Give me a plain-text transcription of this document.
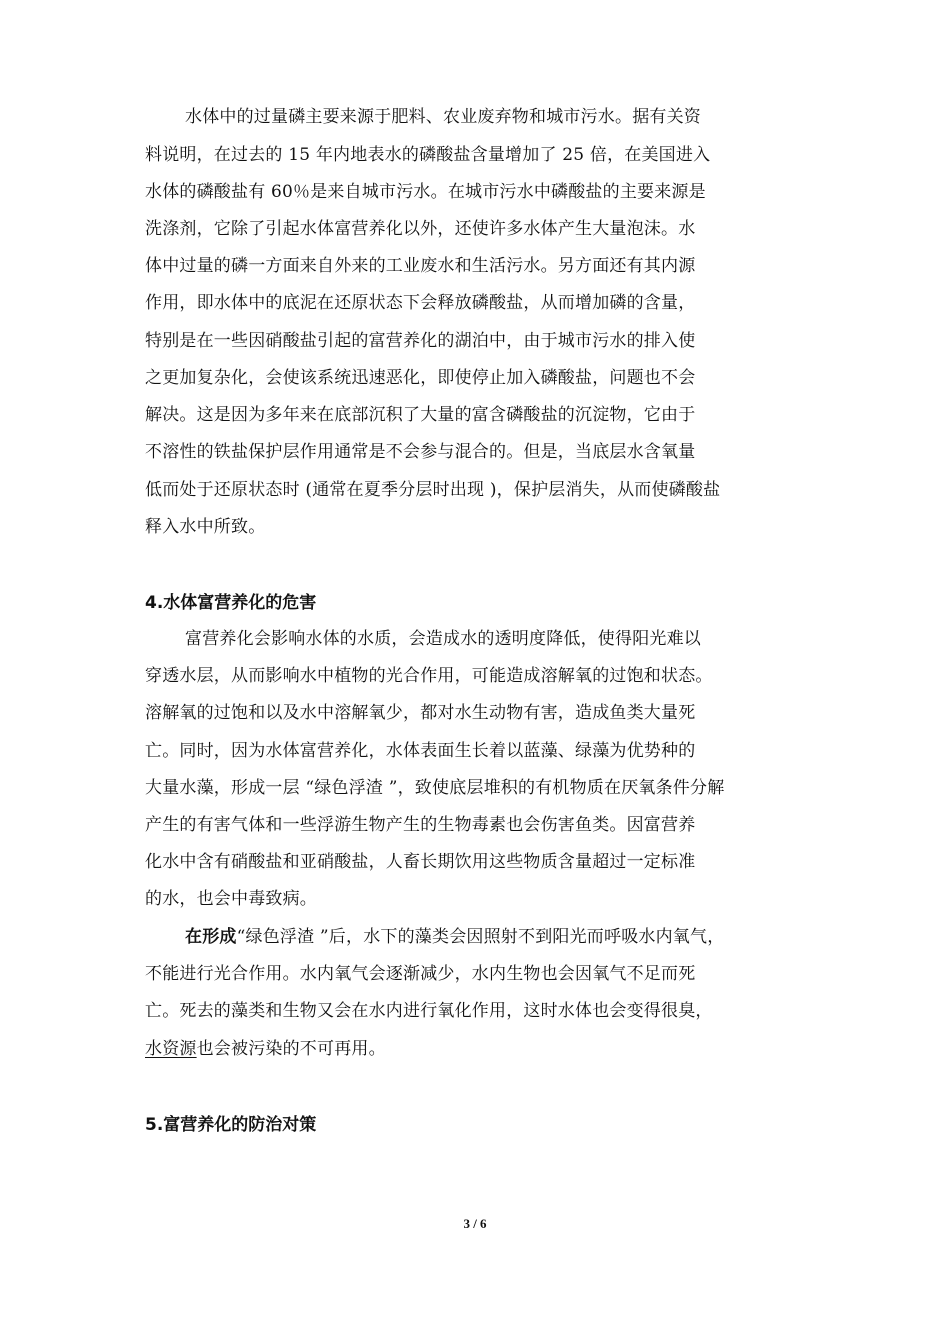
水体中的过量磷主要来源于肥料、农业废弃物和城市污水。据有关资
料说明，在过去的 15 年内地表水的磷酸盐含量增加了 25 倍，在美国进入
水体的磷酸盐有 60％是来自城市污水。在城市污水中磷酸盐的主要来源是
洗涤剂，它除了引起水体富营养化以外，还使许多水体产生大量泡沫。水
体中过量的磷一方面来自外来的工业废水和生活污水。另方面还有其内源
作用，即水体中的底泥在还原状态下会释放磷酸盐，从而增加磷的含量，
特别是在一些因硝酸盐引起的富营养化的湖泊中，由于城市污水的排入使
之更加复杂化，会使该系统迅速恶化，即使停止加入磷酸盐，问题也不会
解决。这是因为多年来在底部沉积了大量的富含磷酸盐的沉淀物，它由于
不溶性的铁盐保护层作用通常是不会参与混合的。但是，当底层水含氧量
低而处于还原状态时 (通常在夏季分层时出现 )，保护层消失，从而使磷酸盐
释入水中所致。
4.水体富营养化的危害
富营养化会影响水体的水质，会造成水的透明度降低，使得阳光难以
穿透水层，从而影响水中植物的光合作用，可能造成溶解氧的过饱和状态。
溶解氧的过饱和以及水中溶解氧少，都对水生动物有害，造成鱼类大量死
亡。同时，因为水体富营养化，水体表面生长着以蓝藻、绿藻为优势种的
大量水藻，形成一层 “绿色浮渣 ”，致使底层堆积的有机物质在厌氧条件分解
产生的有害气体和一些浮游生物产生的生物毒素也会伤害鱼类。因富营养
化水中含有硝酸盐和亚硝酸盐，人畜长期饮用这些物质含量超过一定标准
的水，也会中毒致病。
在形成“绿色浮渣 ”后，水下的藻类会因照射不到阳光而呼吸水内氧气，
不能进行光合作用。水内氧气会逐渐减少，水内生物也会因氧气不足而死
亡。死去的藻类和生物又会在水内进行氧化作用，这时水体也会变得很臭，
水资源也会被污染的不可再用。
5.富营养化的防治对策
3 / 6
